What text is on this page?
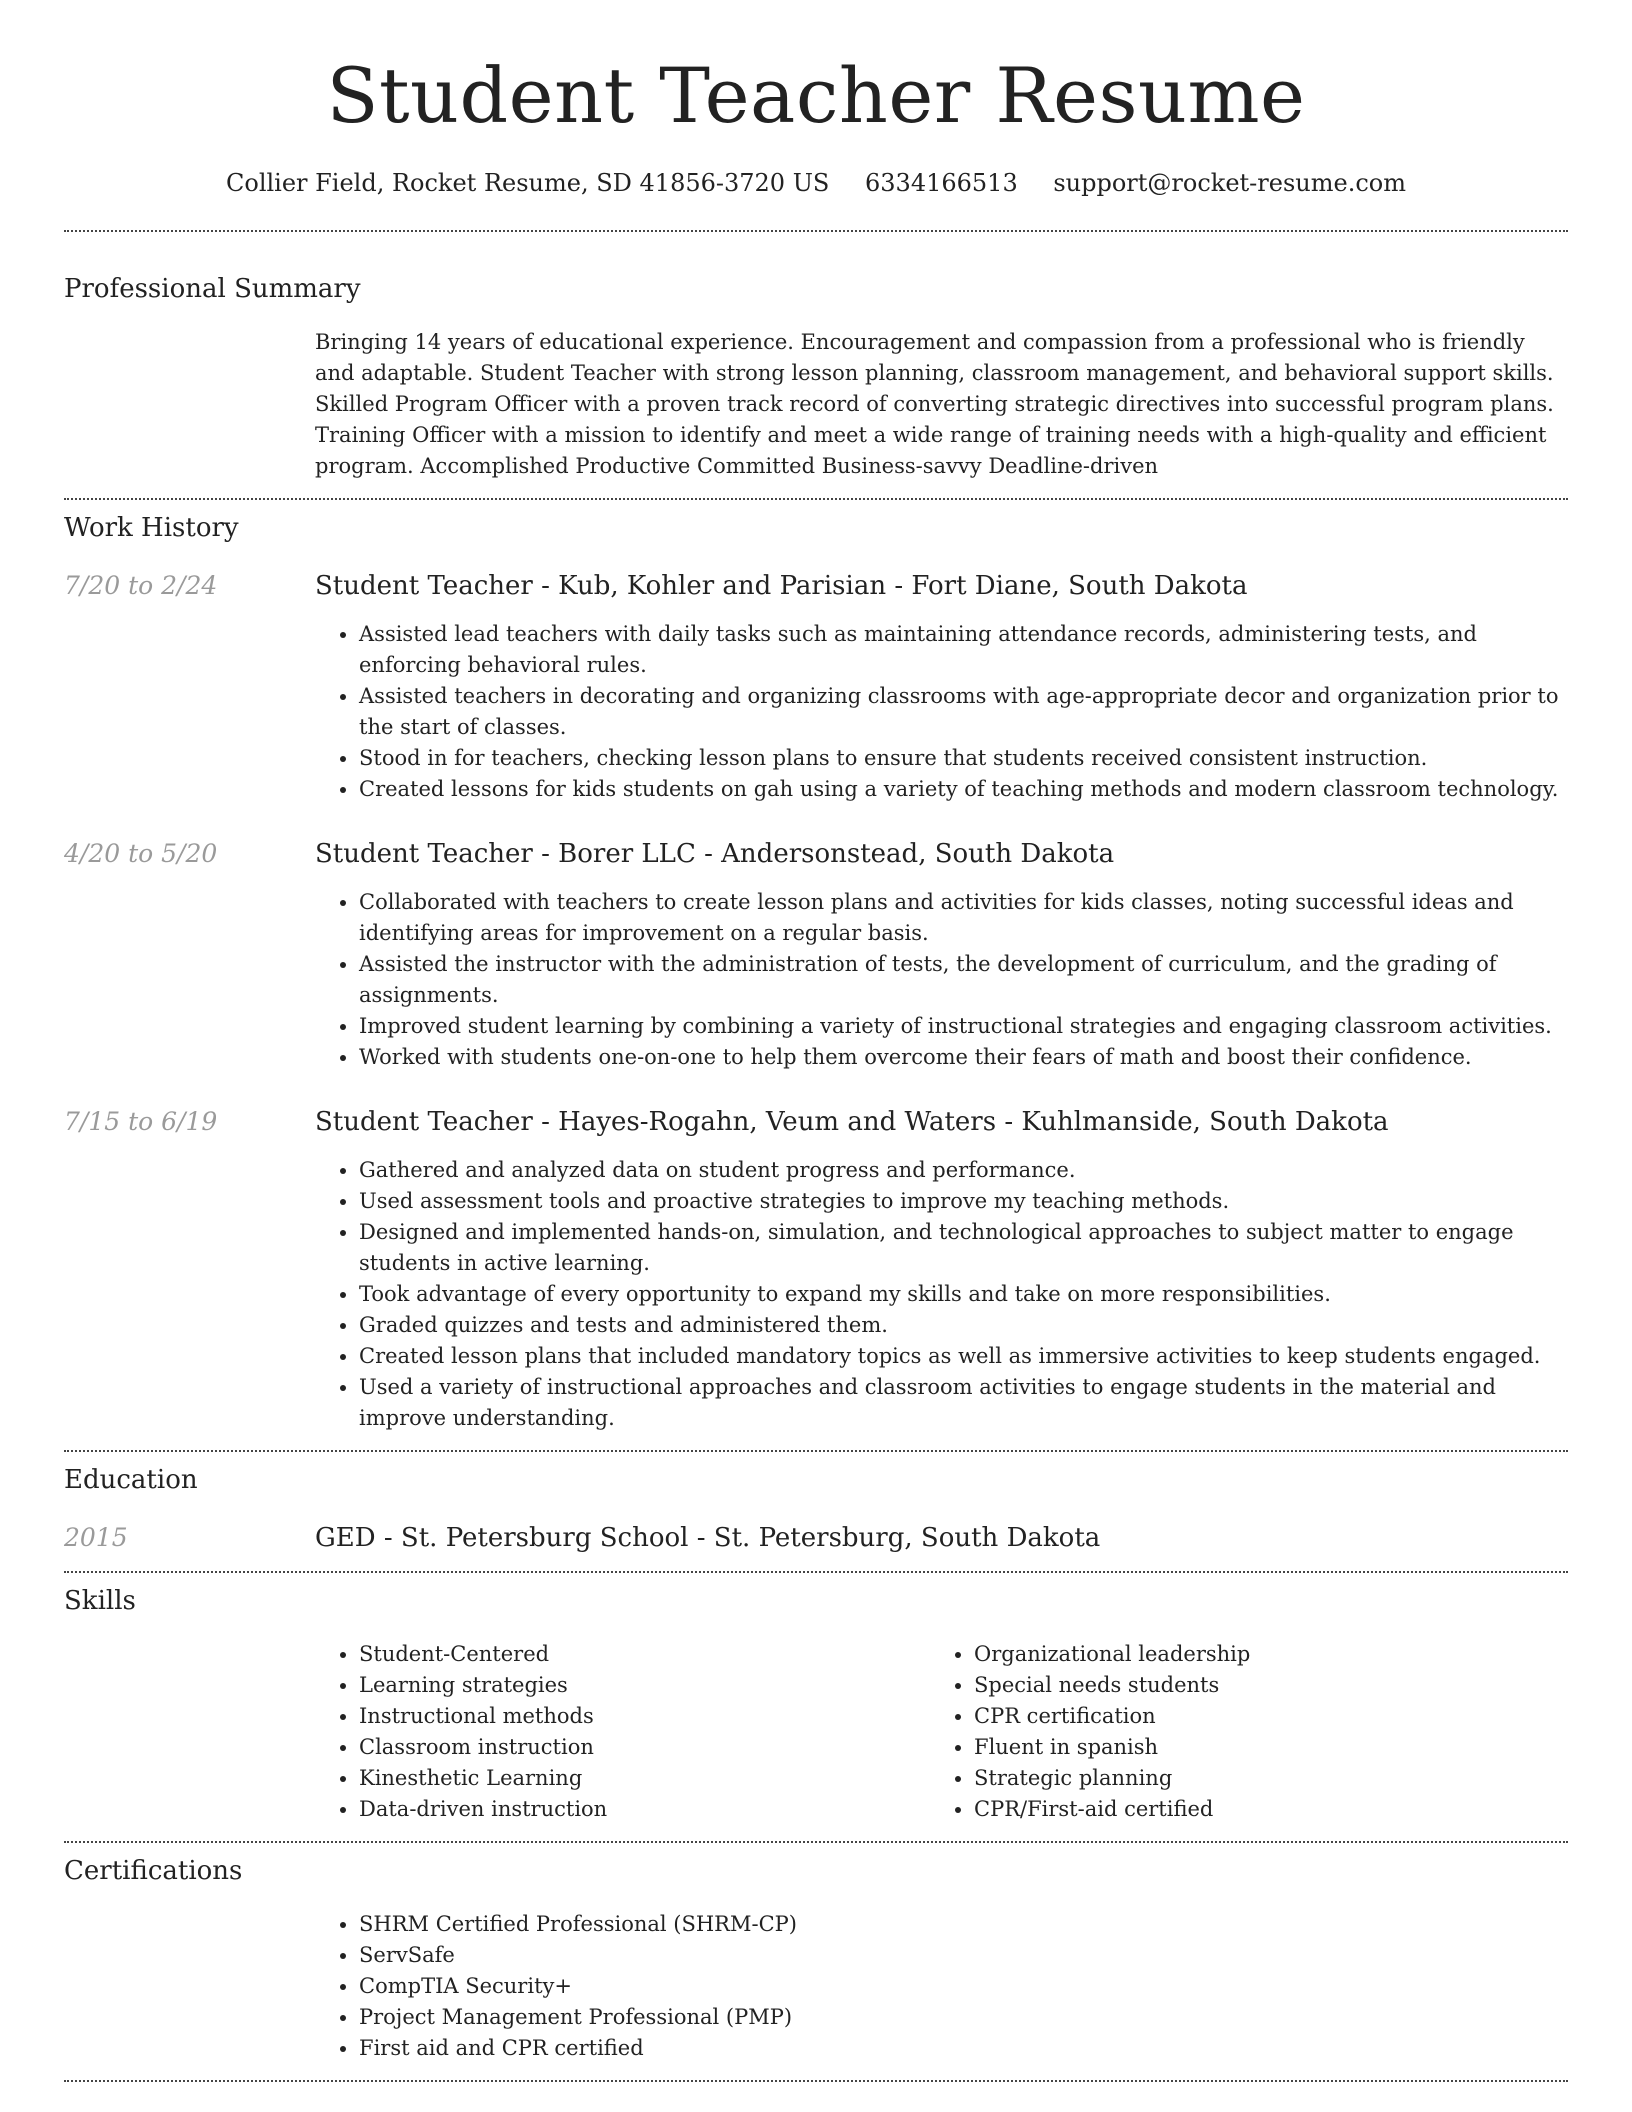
Student Teacher Resume
Collier Field, Rocket Resume, SD 41856-3720 US 6334166513 support@rocket-resume.com
Professional Summary

Bringing 14 years of educational experience. Encouragement and compassion from a professional who is friendly and adaptable. Student Teacher with strong lesson planning, classroom management, and behavioral support skills. Skilled Program Officer with a proven track record of converting strategic directives into successful program plans. Training Officer with a mission to identify and meet a wide range of training needs with a high-quality and efficient program. Accomplished Productive Committed Business-savvy Deadline-driven

Work History
7/20 to 2/24	Student Teacher - Kub, Kohler and Parisian - Fort Diane, South Dakota
• Assisted lead teachers with daily tasks such as maintaining attendance records, administering tests, and enforcing behavioral rules.
• Assisted teachers in decorating and organizing classrooms with age-appropriate decor and organization prior to the start of classes.
• Stood in for teachers, checking lesson plans to ensure that students received consistent instruction.
• Created lessons for kids students on gah using a variety of teaching methods and modern classroom technology.
4/20 to 5/20	Student Teacher - Borer LLC - Andersonstead, South Dakota
• Collaborated with teachers to create lesson plans and activities for kids classes, noting successful ideas and identifying areas for improvement on a regular basis.
• Assisted the instructor with the administration of tests, the development of curriculum, and the grading of assignments.
• Improved student learning by combining a variety of instructional strategies and engaging classroom activities.
• Worked with students one-on-one to help them overcome their fears of math and boost their confidence.
7/15 to 6/19	Student Teacher - Hayes-Rogahn, Veum and Waters - Kuhlmanside, South Dakota
• Gathered and analyzed data on student progress and performance.
• Used assessment tools and proactive strategies to improve my teaching methods.
• Designed and implemented hands-on, simulation, and technological approaches to subject matter to engage students in active learning.
• Took advantage of every opportunity to expand my skills and take on more responsibilities.
• Graded quizzes and tests and administered them.
• Created lesson plans that included mandatory topics as well as immersive activities to keep students engaged.
• Used a variety of instructional approaches and classroom activities to engage students in the material and improve understanding.
Education
2015	GED - St. Petersburg School - St. Petersburg, South Dakota
Skills
• Student-Centered
• Learning strategies
• Instructional methods
• Classroom instruction
• Kinesthetic Learning
• Data-driven instruction
• Organizational leadership
• Special needs students
• CPR certification
• Fluent in spanish
• Strategic planning
• CPR/First-aid certified
Certifications
• SHRM Certified Professional (SHRM-CP)
• ServSafe
• CompTIA Security+
• Project Management Professional (PMP)
• First aid and CPR certified
